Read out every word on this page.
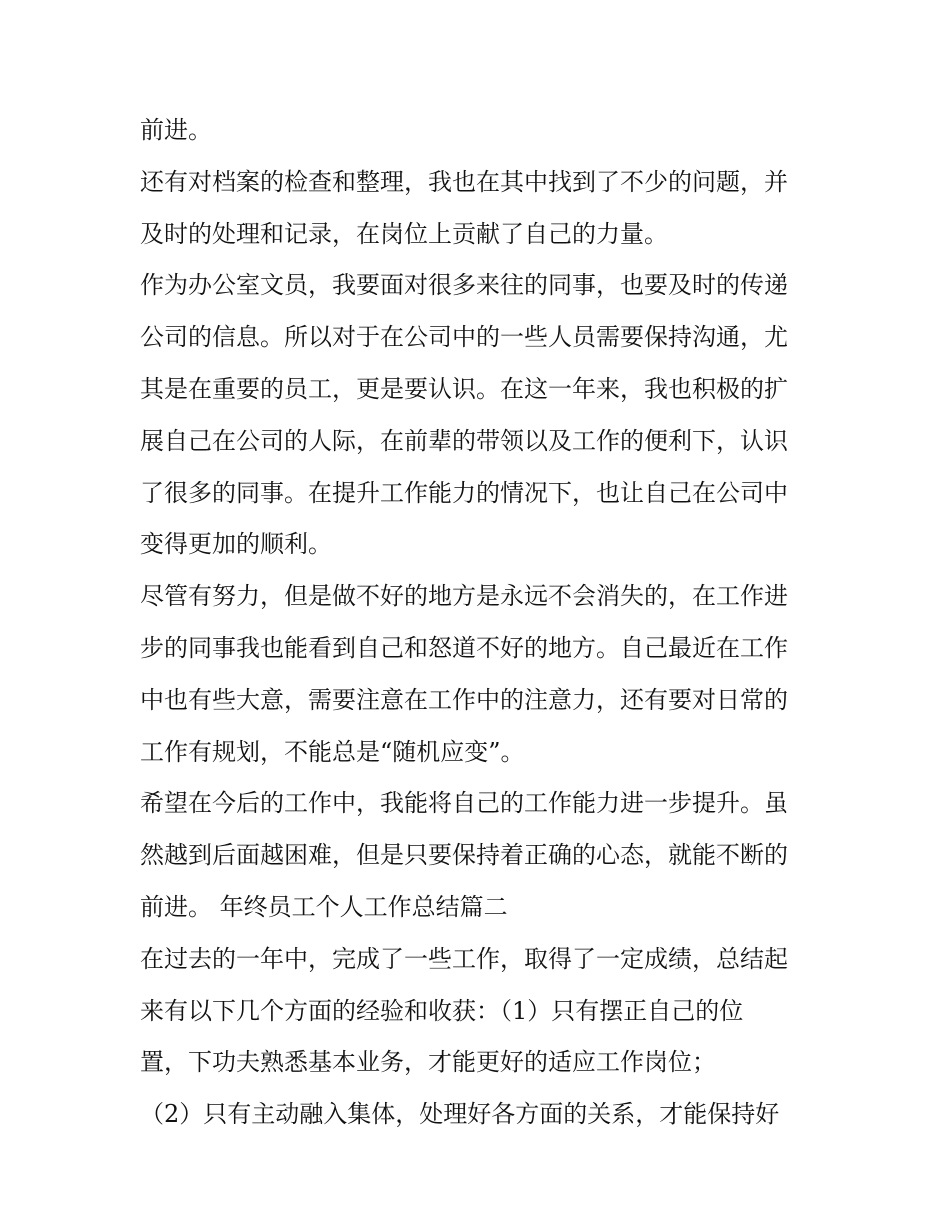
前进。
还有对档案的检查和整理，我也在其中找到了不少的问题，并
及时的处理和记录，在岗位上贡献了自己的力量。
作为办公室文员，我要面对很多来往的同事，也要及时的传递
公司的信息。所以对于在公司中的一些人员需要保持沟通，尤
其是在重要的员工，更是要认识。在这一年来，我也积极的扩
展自己在公司的人际，在前辈的带领以及工作的便利下，认识
了很多的同事。在提升工作能力的情况下，也让自己在公司中
变得更加的顺利。
尽管有努力，但是做不好的地方是永远不会消失的，在工作进
步的同事我也能看到自己和怒道不好的地方。自己最近在工作
中也有些大意，需要注意在工作中的注意力，还有要对日常的
工作有规划，不能总是“随机应变”。
希望在今后的工作中，我能将自己的工作能力进一步提升。虽
然越到后面越困难，但是只要保持着正确的心态，就能不断的
前进。 年终员工个人工作总结篇二
在过去的一年中，完成了一些工作，取得了一定成绩，总结起
来有以下几个方面的经验和收获：（1）只有摆正自己的位
置，下功夫熟悉基本业务，才能更好的适应工作岗位；
（2）只有主动融入集体，处理好各方面的关系，才能保持好
